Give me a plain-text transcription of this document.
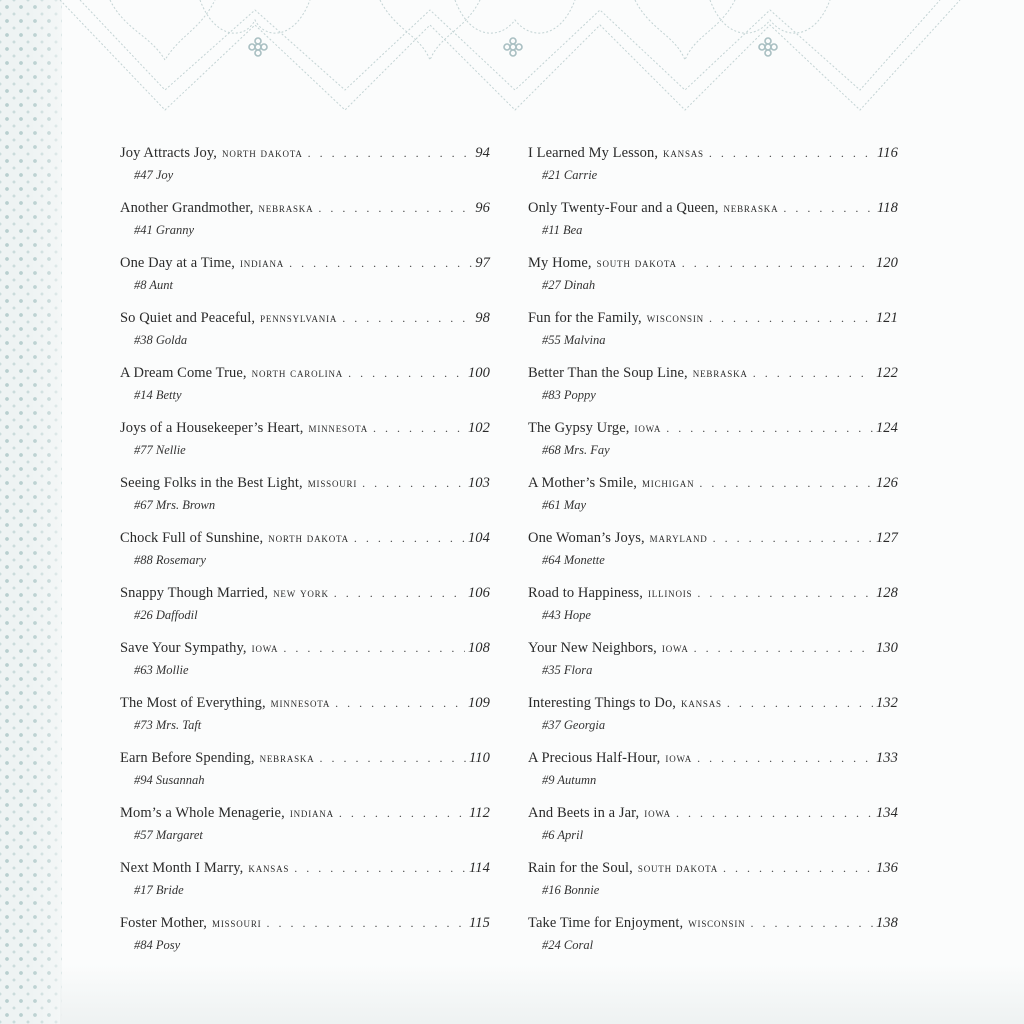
Joy Attracts Joy, north dakota . . .	94
#47 Joy
Another Grandmother, nebraska . . .	96
#41 Granny
One Day at a Time, indiana . . .	97
#8 Aunt
So Quiet and Peaceful, pennsylvania . . .	98
#38 Golda
A Dream Come True, north carolina . . .	100
#14 Betty
Joys of a Housekeeper’s Heart, minnesota . . .	102
#77 Nellie
Seeing Folks in the Best Light, missouri . . .	103
#67 Mrs. Brown
Chock Full of Sunshine, north dakota . . .	104
#88 Rosemary
Snappy Though Married, new york . . .	106
#26 Daffodil
Save Your Sympathy, iowa . . .	108
#63 Mollie
The Most of Everything, minnesota . . .	109
#73 Mrs. Taft
Earn Before Spending, nebraska . . .	110
#94 Susannah
Mom’s a Whole Menagerie, indiana . . .	112
#57 Margaret
Next Month I Marry, kansas . . .	114
#17 Bride
Foster Mother, missouri . . .	115
#84 Posy
I Learned My Lesson, kansas . . .	116
#21 Carrie
Only Twenty-Four and a Queen, nebraska . . .	118
#11 Bea
My Home, south dakota . . .	120
#27 Dinah
Fun for the Family, wisconsin . . .	121
#55 Malvina
Better Than the Soup Line, nebraska . . .	122
#83 Poppy
The Gypsy Urge, iowa . . .	124
#68 Mrs. Fay
A Mother’s Smile, michigan . . .	126
#61 May
One Woman’s Joys, maryland . . .	127
#64 Monette
Road to Happiness, illinois . . .	128
#43 Hope
Your New Neighbors, iowa . . .	130
#35 Flora
Interesting Things to Do, kansas . . .	132
#37 Georgia
A Precious Half-Hour, iowa . . .	133
#9 Autumn
And Beets in a Jar, iowa . . .	134
#6 April
Rain for the Soul, south dakota . . .	136
#16 Bonnie
Take Time for Enjoyment, wisconsin . . .	138
#24 Coral
